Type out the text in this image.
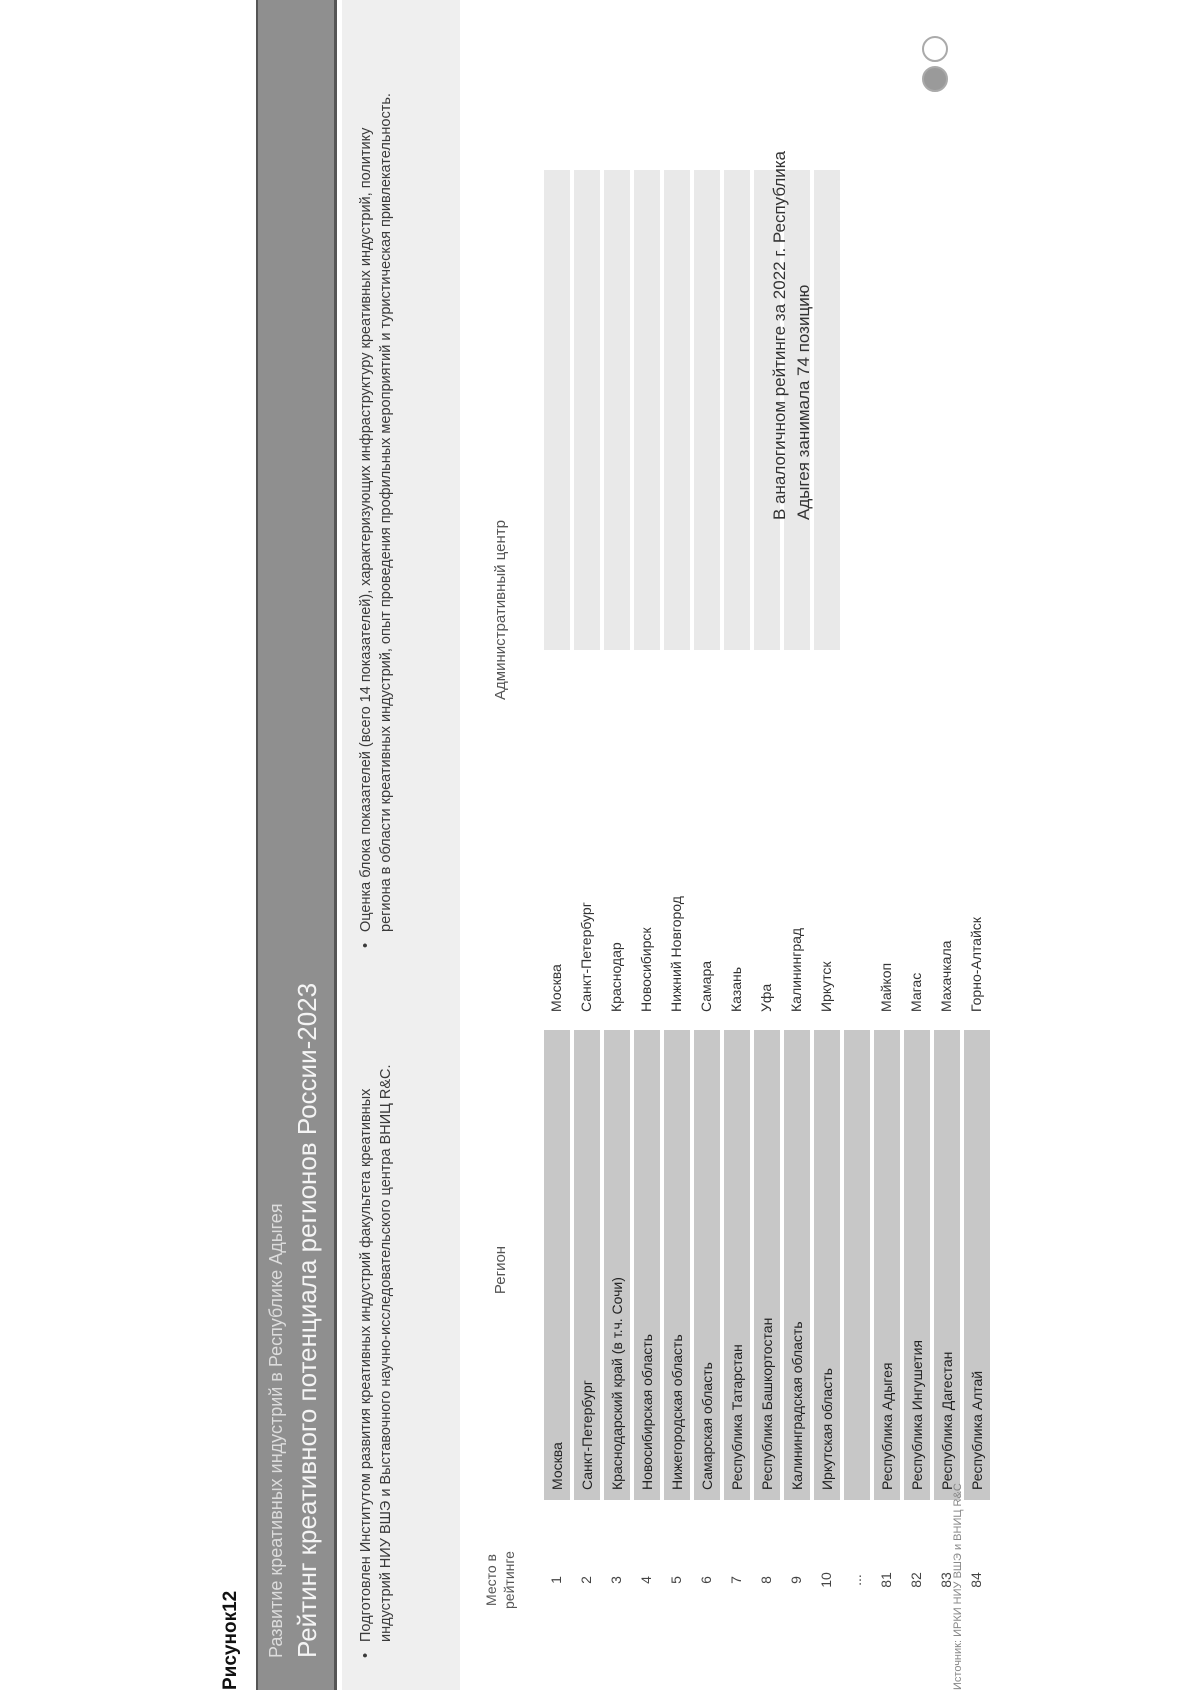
Рисунок12 Развитие креативных индустрий в Республике Адыгея Рейтинг креативного потенциала регионов России-2023
• Подготовлен Институтом развития креативных индустрий факультета креативных индустрий НИУ ВШЭ и Выставочного научно-исследовательского центра ВНИЦ R&C.
• Оценка блока показателей (всего 14 показателей), характеризующих инфраструктуру креативных индустрий, политику региона в области креативных индустрий, опыт проведения профильных мероприятий и туристическая привлекательность.
Место в рейтинге
Регион
Административный центр
1
Москва
Москва
2
Санкт-Петербург
Санкт-Петербург
3
Краснодарский край (в т.ч. Сочи)
Краснодар
4
Новосибирская область
Новосибирск
5
Нижегородская область
Нижний Новгород
6
Самарская область
Самара
7
Республика Татарстан
Казань
8
Республика Башкортостан
Уфа
9
Калининградская область
Калининград
10
Иркутская область
Иркутск
... 81
Республика Адыгея
Майкоп
82
Республика Ингушетия
Магас
83
Республика Дагестан
Махачкала
84
Республика Алтай
Горно-Алтайск
В аналогичном рейтинге за 2022 г. Республика Адыгея занимала 74 позицию
Источник: ИРКИ НИУ ВШЭ и ВНИЦ R&C
